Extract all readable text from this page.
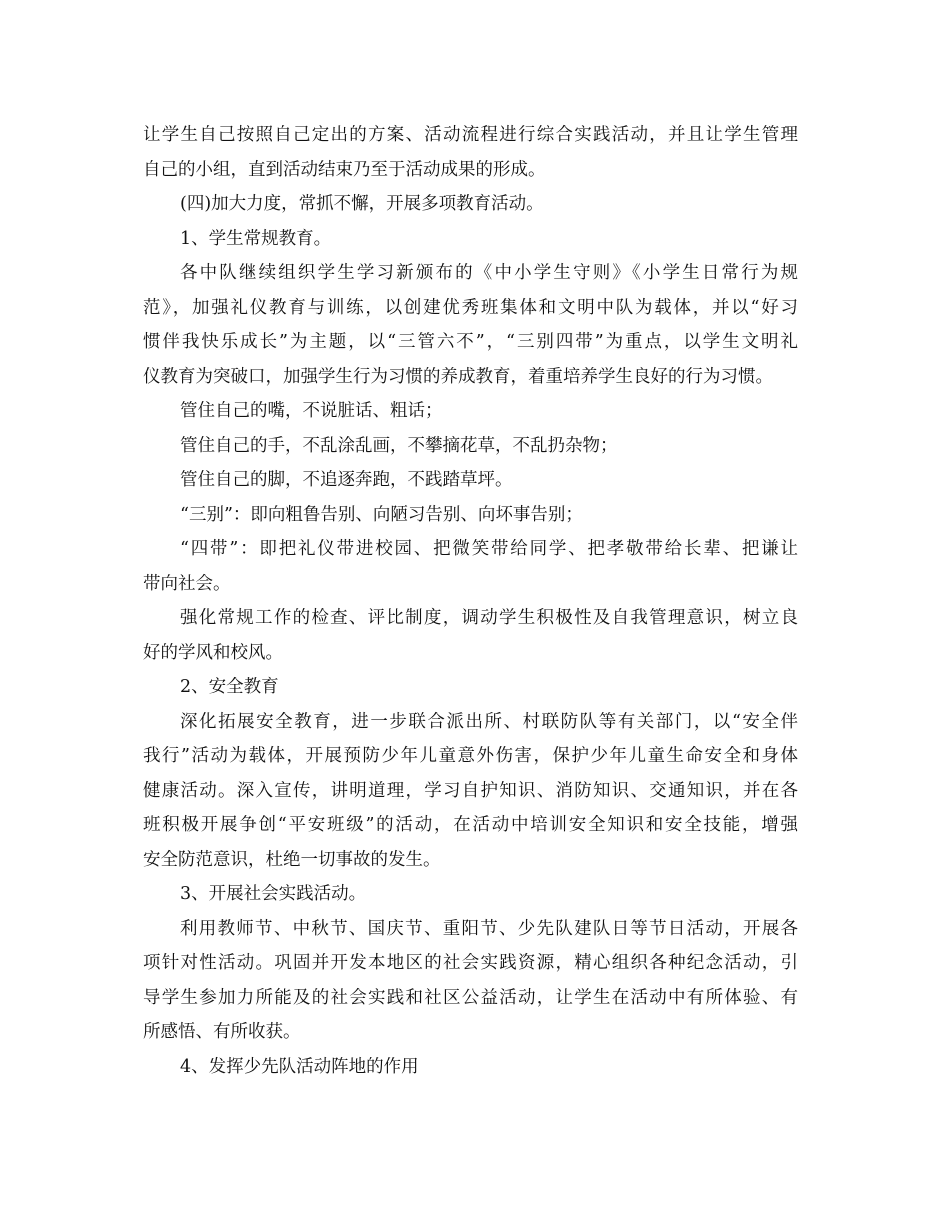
让学生自己按照自己定出的方案、活动流程进行综合实践活动，并且让学生管理
自己的小组，直到活动结束乃至于活动成果的形成。
(四)加大力度，常抓不懈，开展多项教育活动。
1、学生常规教育。
各中队继续组织学生学习新颁布的《中小学生守则》《小学生日常行为规
范》，加强礼仪教育与训练，以创建优秀班集体和文明中队为载体，并以“好习
惯伴我快乐成长”为主题，以“三管六不”，“三别四带”为重点，以学生文明礼
仪教育为突破口，加强学生行为习惯的养成教育，着重培养学生良好的行为习惯。
管住自己的嘴，不说脏话、粗话；
管住自己的手，不乱涂乱画，不攀摘花草，不乱扔杂物；
管住自己的脚，不追逐奔跑，不践踏草坪。
“三别”：即向粗鲁告别、向陋习告别、向坏事告别；
“四带”：即把礼仪带进校园、把微笑带给同学、把孝敬带给长辈、把谦让
带向社会。
强化常规工作的检查、评比制度，调动学生积极性及自我管理意识，树立良
好的学风和校风。
2、安全教育
深化拓展安全教育，进一步联合派出所、村联防队等有关部门，以“安全伴
我行”活动为载体，开展预防少年儿童意外伤害，保护少年儿童生命安全和身体
健康活动。深入宣传，讲明道理，学习自护知识、消防知识、交通知识，并在各
班积极开展争创“平安班级”的活动，在活动中培训安全知识和安全技能，增强
安全防范意识，杜绝一切事故的发生。
3、开展社会实践活动。
利用教师节、中秋节、国庆节、重阳节、少先队建队日等节日活动，开展各
项针对性活动。巩固并开发本地区的社会实践资源，精心组织各种纪念活动，引
导学生参加力所能及的社会实践和社区公益活动，让学生在活动中有所体验、有
所感悟、有所收获。
4、发挥少先队活动阵地的作用
